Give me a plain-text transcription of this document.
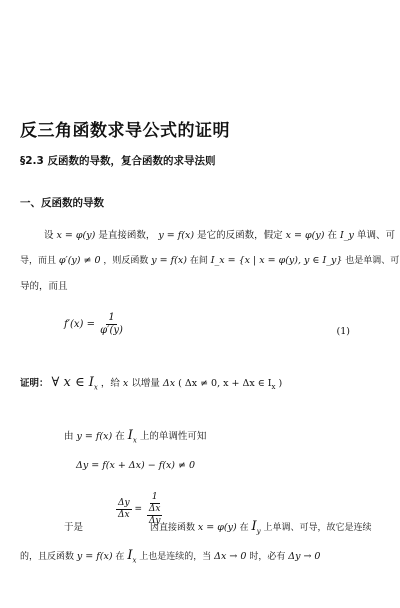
反三角函数求导公式的证明
§2.3 反函数的导数，复合函数的求导法则
一、反函数的导数
设 x = φ(y) 是直接函数， y = f(x) 是它的反函数，假定 x = φ(y) 在 I_y 单调、可
导，而且 φ′(y) ≠ 0 ，则反函数 y = f(x) 在间 I_x = {x | x = φ(y), y ∈ I_y} 也是单调、可
导的，而且
$f'(x) = \frac{1}{\varphi'(y)}$	(1)
证明： ∀ x ∈ $I_x$ ，给 x 以增量 Δx ( Δx ≠ 0, x + Δx ∈ $I_x$ )
由 y = f(x) 在 $I_x$ 上的单调性可知
Δy = f(x + Δx) − f(x) ≠ 0
$\frac{\Delta y}{\Delta x} = \frac{1}{\frac{\Delta x}{\Delta y}}$
于是	因直接函数 x = φ(y) 在 $I_y$ 上单调、可导，故它是连续
的，且反函数 y = f(x) 在 $I_x$ 上也是连续的，当 Δx → 0 时，必有 Δy → 0
